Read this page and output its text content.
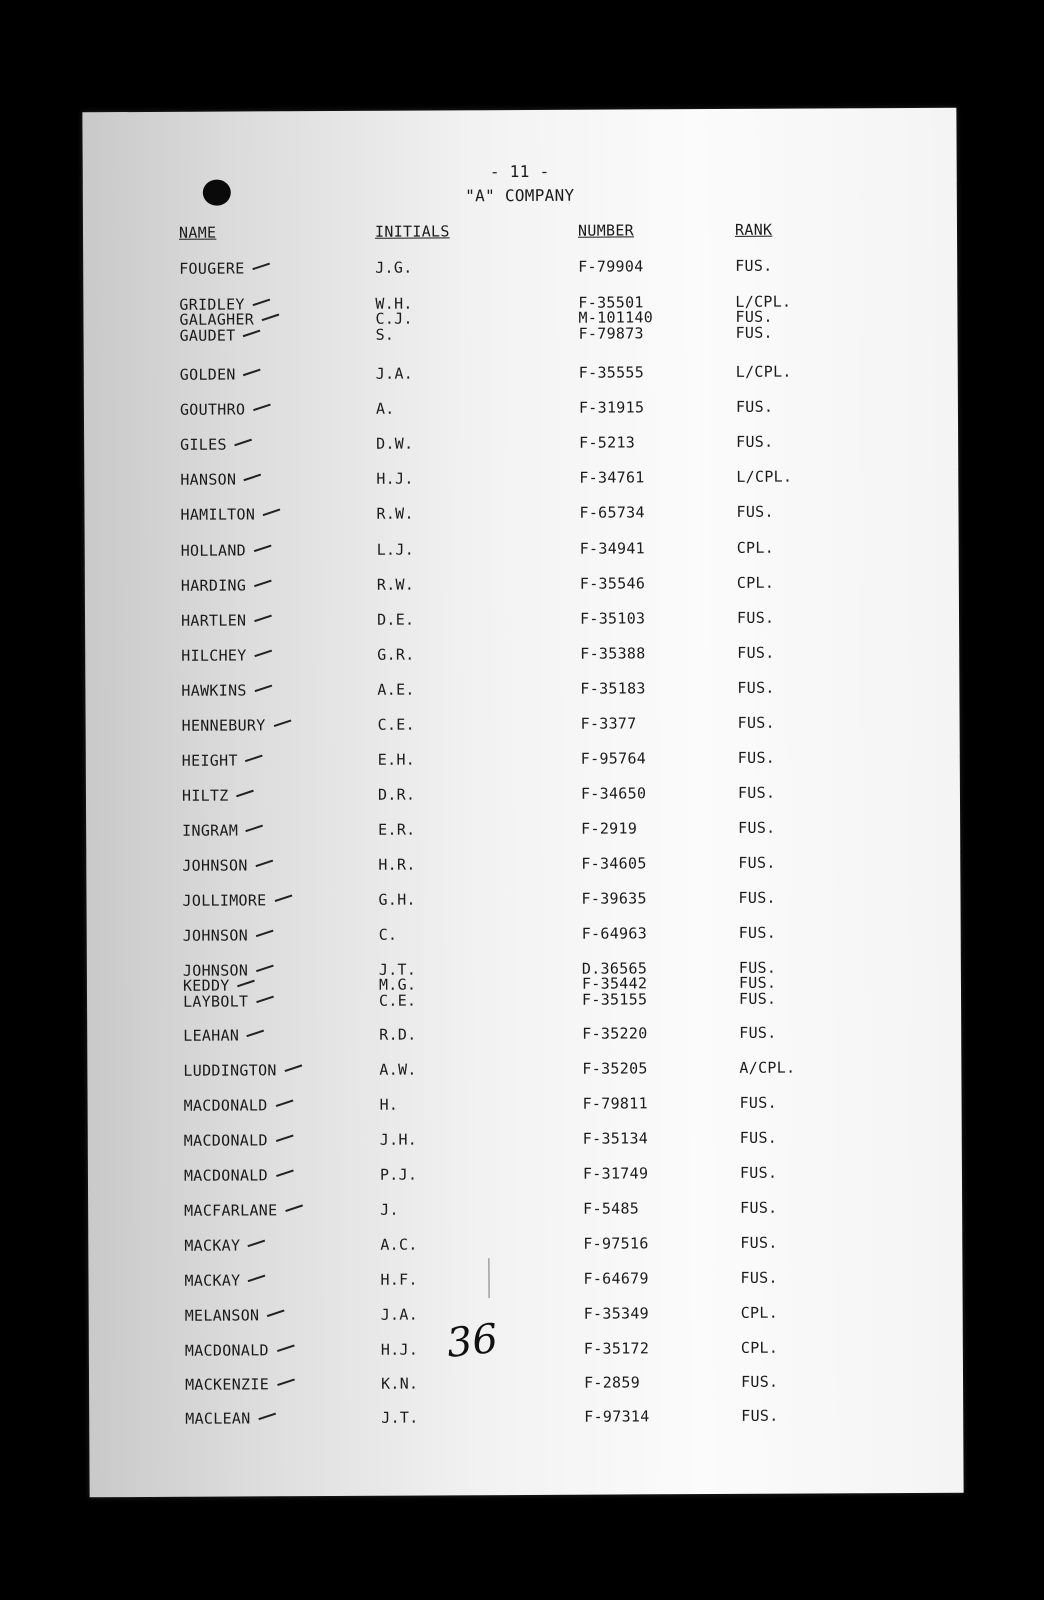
- 11 -
"A" COMPANY
NAME	INITIALS	NUMBER	RANK
FOUGERE	J.G.	F-79904	FUS.
GRIDLEY	W.H.	F-35501	L/CPL.
GALAGHER	C.J.	M-101140	FUS.
GAUDET	S.	F-79873	FUS.
GOLDEN	J.A.	F-35555	L/CPL.
GOUTHRO	A.	F-31915	FUS.
GILES	D.W.	F-5213	FUS.
HANSON	H.J.	F-34761	L/CPL.
HAMILTON	R.W.	F-65734	FUS.
HOLLAND	L.J.	F-34941	CPL.
HARDING	R.W.	F-35546	CPL.
HARTLEN	D.E.	F-35103	FUS.
HILCHEY	G.R.	F-35388	FUS.
HAWKINS	A.E.	F-35183	FUS.
HENNEBURY	C.E.	F-3377	FUS.
HEIGHT	E.H.	F-95764	FUS.
HILTZ	D.R.	F-34650	FUS.
INGRAM	E.R.	F-2919	FUS.
JOHNSON	H.R.	F-34605	FUS.
JOLLIMORE	G.H.	F-39635	FUS.
JOHNSON	C.	F-64963	FUS.
JOHNSON	J.T.	D.36565	FUS.
KEDDY	M.G.	F-35442	FUS.
LAYBOLT	C.E.	F-35155	FUS.
LEAHAN	R.D.	F-35220	FUS.
LUDDINGTON	A.W.	F-35205	A/CPL.
MACDONALD	H.	F-79811	FUS.
MACDONALD	J.H.	F-35134	FUS.
MACDONALD	P.J.	F-31749	FUS.
MACFARLANE	J.	F-5485	FUS.
MACKAY	A.C.	F-97516	FUS.
MACKAY	H.F.	F-64679	FUS.
MELANSON	J.A.	F-35349	CPL.
MACDONALD	H.J.	F-35172	CPL.
MACKENZIE	K.N.	F-2859	FUS.
MACLEAN	J.T.	F-97314	FUS.
36
